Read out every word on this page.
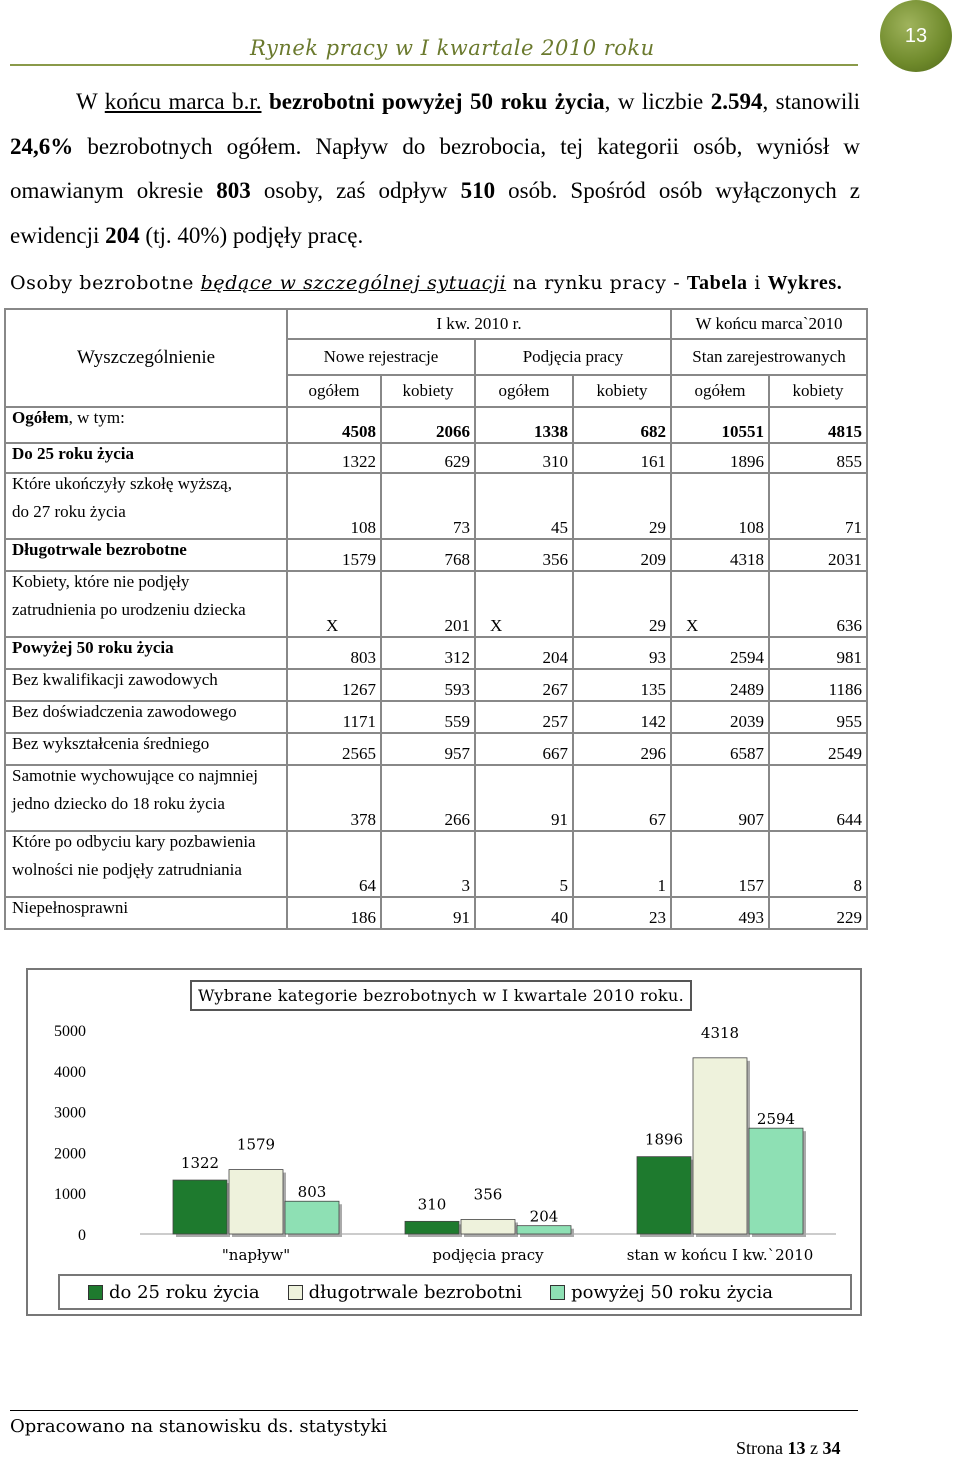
Rynek pracy w I kwartale 2010 roku
13
W końcu marca b.r. bezrobotni powyżej 50 roku życia, w liczbie 2.594, stanowili 24,6% bezrobotnych ogółem. Napływ do bezrobocia, tej kategorii osób, wyniósł w omawianym okresie 803 osoby, zaś odpływ 510 osób. Spośród osób wyłączonych z ewidencji 204 (tj. 40%) podjęły pracę.
Osoby bezrobotne będące w szczególnej sytuacji na rynku pracy - Tabela i Wykres.
Wyszczególnienie	I kw. 2010 r.				W końcu marca`2010	
	Nowe rejestracje		Podjęcia pracy		Stan zarejestrowanych	
	ogółem	kobiety	ogółem	kobiety	ogółem	kobiety
Ogółem, w tym:	4508	2066	1338	682	10551	4815
Do 25 roku życia	1322	629	310	161	1896	855
Które ukończyły szkołę wyższą,
do 27 roku życia	108	73	45	29	108	71
Długotrwale bezrobotne	1579	768	356	209	4318	2031
Kobiety, które nie podjęły
zatrudnienia po urodzeniu dziecka	X	201	X	29	X	636
Powyżej 50 roku życia	803	312	204	93	2594	981
Bez kwalifikacji zawodowych	1267	593	267	135	2489	1186
Bez doświadczenia zawodowego	1171	559	257	142	2039	955
Bez wykształcenia średniego	2565	957	667	296	6587	2549
Samotnie wychowujące co najmniej
jedno dziecko do 18 roku życia	378	266	91	67	907	644
Które po odbyciu kary pozbawienia
wolności nie podjęły zatrudniania	64	3	5	1	157	8
Niepełnosprawni	186	91	40	23	493	229
0
1000
2000
3000
4000
5000
1322
1579
803
"napływ"
310
356
204
podjęcia pracy
1896
4318
2594
stan w końcu I kw.`2010
Wybrane kategorie bezrobotnych w I kwartale 2010 roku.
do 25 roku życia	długotrwale bezrobotni	powyżej 50 roku życia
Opracowano na stanowisku ds. statystyki
Strona 13 z 34
